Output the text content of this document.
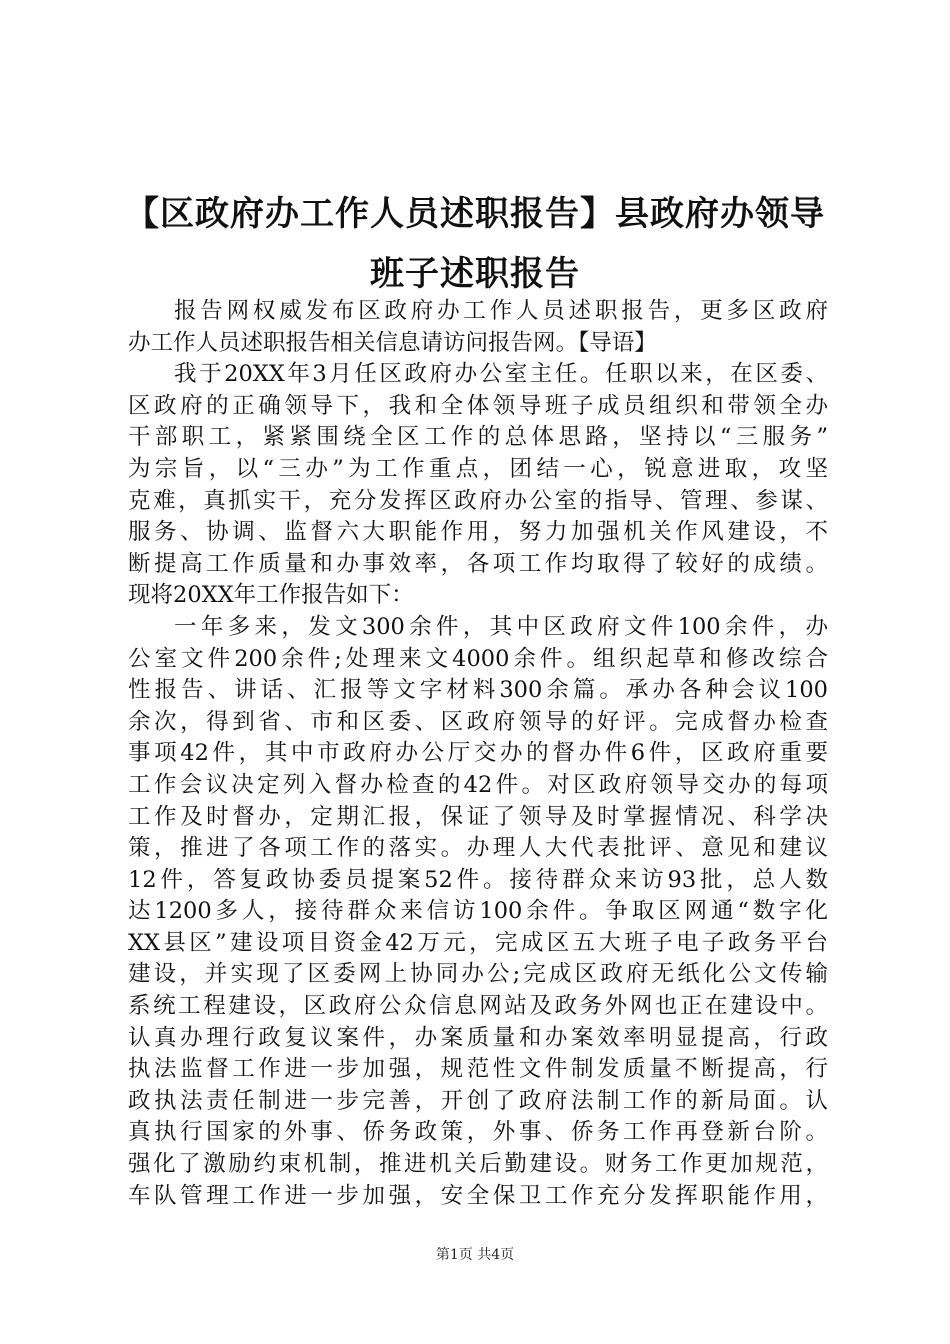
【区政府办工作人员述职报告】县政府办领导
班子述职报告
报告网权威发布区政府办工作人员述职报告，更多区政府
办工作人员述职报告相关信息请访问报告网。【导语】
我于20XX年3月任区政府办公室主任。任职以来，在区委、
区政府的正确领导下，我和全体领导班子成员组织和带领全办
干部职工，紧紧围绕全区工作的总体思路，坚持以“三服务”
为宗旨，以“三办”为工作重点，团结一心，锐意进取，攻坚
克难，真抓实干，充分发挥区政府办公室的指导、管理、参谋、
服务、协调、监督六大职能作用，努力加强机关作风建设，不
断提高工作质量和办事效率，各项工作均取得了较好的成绩。
现将20XX年工作报告如下：
一年多来，发文300余件，其中区政府文件100余件，办
公室文件200余件;处理来文4000余件。组织起草和修改综合
性报告、讲话、汇报等文字材料300余篇。承办各种会议100
余次，得到省、市和区委、区政府领导的好评。完成督办检查
事项42件，其中市政府办公厅交办的督办件6件，区政府重要
工作会议决定列入督办检查的42件。对区政府领导交办的每项
工作及时督办，定期汇报，保证了领导及时掌握情况、科学决
策，推进了各项工作的落实。办理人大代表批评、意见和建议
12件，答复政协委员提案52件。接待群众来访93批，总人数
达1200多人，接待群众来信访100余件。争取区网通“数字化
XX县区”建设项目资金42万元，完成区五大班子电子政务平台
建设，并实现了区委网上协同办公;完成区政府无纸化公文传输
系统工程建设，区政府公众信息网站及政务外网也正在建设中。
认真办理行政复议案件，办案质量和办案效率明显提高，行政
执法监督工作进一步加强，规范性文件制发质量不断提高，行
政执法责任制进一步完善，开创了政府法制工作的新局面。认
真执行国家的外事、侨务政策，外事、侨务工作再登新台阶。
强化了激励约束机制，推进机关后勤建设。财务工作更加规范，
车队管理工作进一步加强，安全保卫工作充分发挥职能作用，
第1页 共4页
